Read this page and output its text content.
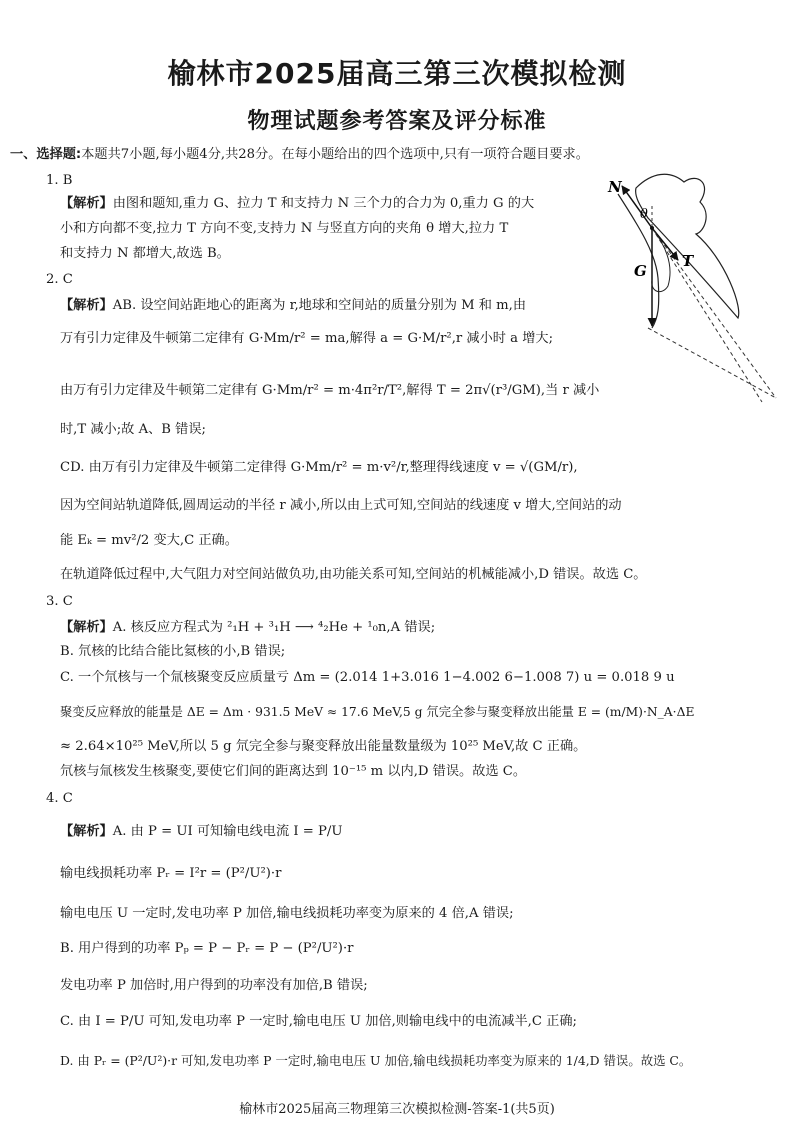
榆林市2025届高三第三次模拟检测
物理试题参考答案及评分标准
一、选择题:本题共7小题,每小题4分,共28分。在每小题给出的四个选项中,只有一项符合题目要求。
1. B
【解析】由图和题知,重力 G、拉力 T 和支持力 N 三个力的合力为 0,重力 G 的大
小和方向都不变,拉力 T 方向不变,支持力 N 与竖直方向的夹角 θ 增大,拉力 T
和支持力 N 都增大,故选 B。
2. C
【解析】AB. 设空间站距地心的距离为 r,地球和空间站的质量分别为 M 和 m,由
万有引力定律及牛顿第二定律有 G·Mm/r² = ma,解得 a = G·M/r²,r 减小时 a 增大;
由万有引力定律及牛顿第二定律有 G·Mm/r² = m·4π²r/T²,解得 T = 2π√(r³/GM),当 r 减小
时,T 减小;故 A、B 错误;
CD. 由万有引力定律及牛顿第二定律得 G·Mm/r² = m·v²/r,整理得线速度 v = √(GM/r),
因为空间站轨道降低,圆周运动的半径 r 减小,所以由上式可知,空间站的线速度 v 增大,空间站的动
能 Eₖ = mv²/2 变大,C 正确。
在轨道降低过程中,大气阻力对空间站做负功,由功能关系可知,空间站的机械能减小,D 错误。故选 C。
3. C
【解析】A. 核反应方程式为 ²₁H + ³₁H ⟶ ⁴₂He + ¹₀n,A 错误;
B. 氘核的比结合能比氦核的小,B 错误;
C. 一个氘核与一个氚核聚变反应质量亏 Δm = (2.014 1+3.016 1−4.002 6−1.008 7) u = 0.018 9 u
聚变反应释放的能量是 ΔE = Δm · 931.5 MeV ≈ 17.6 MeV,5 g 氘完全参与聚变释放出能量 E = (m/M)·N_A·ΔE
≈ 2.64×10²⁵ MeV,所以 5 g 氘完全参与聚变释放出能量数量级为 10²⁵ MeV,故 C 正确。
氘核与氚核发生核聚变,要使它们间的距离达到 10⁻¹⁵ m 以内,D 错误。故选 C。
4. C
【解析】A. 由 P = UI 可知输电线电流 I = P/U
输电线损耗功率 Pᵣ = I²r = (P²/U²)·r
输电电压 U 一定时,发电功率 P 加倍,输电线损耗功率变为原来的 4 倍,A 错误;
B. 用户得到的功率 Pₚ = P − Pᵣ = P − (P²/U²)·r
发电功率 P 加倍时,用户得到的功率没有加倍,B 错误;
C. 由 I = P/U 可知,发电功率 P 一定时,输电电压 U 加倍,则输电线中的电流减半,C 正确;
D. 由 Pᵣ = (P²/U²)·r 可知,发电功率 P 一定时,输电电压 U 加倍,输电线损耗功率变为原来的 1/4,D 错误。故选 C。
N
G
T
θ
榆林市2025届高三物理第三次模拟检测-答案-1(共5页)
